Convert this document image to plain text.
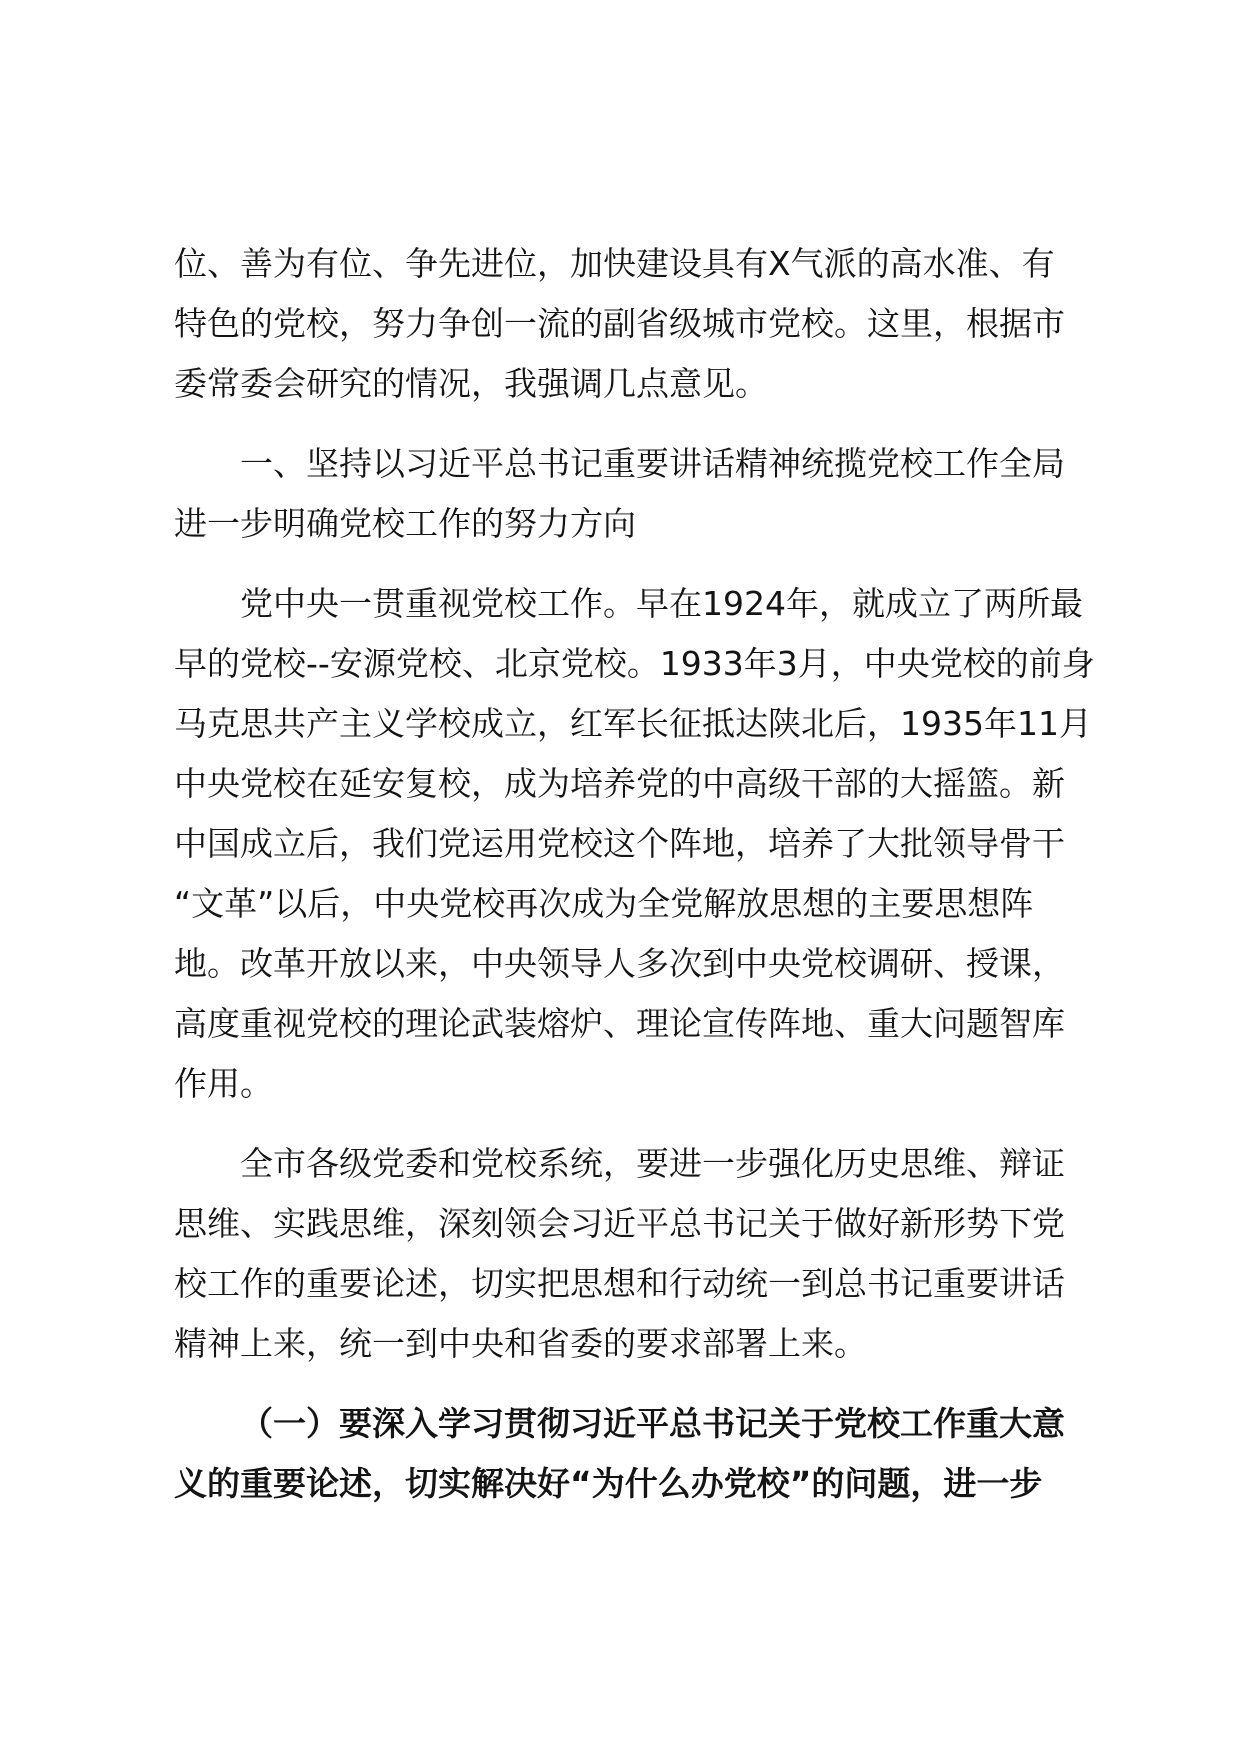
位、善为有位、争先进位，加快建设具有X气派的高水准、有
特色的党校，努力争创一流的副省级城市党校。这里，根据市
委常委会研究的情况，我强调几点意见。
一、坚持以习近平总书记重要讲话精神统揽党校工作全局
进一步明确党校工作的努力方向
党中央一贯重视党校工作。早在1924年，就成立了两所最
早的党校--安源党校、北京党校。1933年3月，中央党校的前身
马克思共产主义学校成立，红军长征抵达陕北后，1935年11月
中央党校在延安复校，成为培养党的中高级干部的大摇篮。新
中国成立后，我们党运用党校这个阵地，培养了大批领导骨干
“文革”以后，中央党校再次成为全党解放思想的主要思想阵
地。改革开放以来，中央领导人多次到中央党校调研、授课，
高度重视党校的理论武装熔炉、理论宣传阵地、重大问题智库
作用。
全市各级党委和党校系统，要进一步强化历史思维、辩证
思维、实践思维，深刻领会习近平总书记关于做好新形势下党
校工作的重要论述，切实把思想和行动统一到总书记重要讲话
精神上来，统一到中央和省委的要求部署上来。
（一）要深入学习贯彻习近平总书记关于党校工作重大意
义的重要论述，切实解决好“为什么办党校”的问题，进一步
